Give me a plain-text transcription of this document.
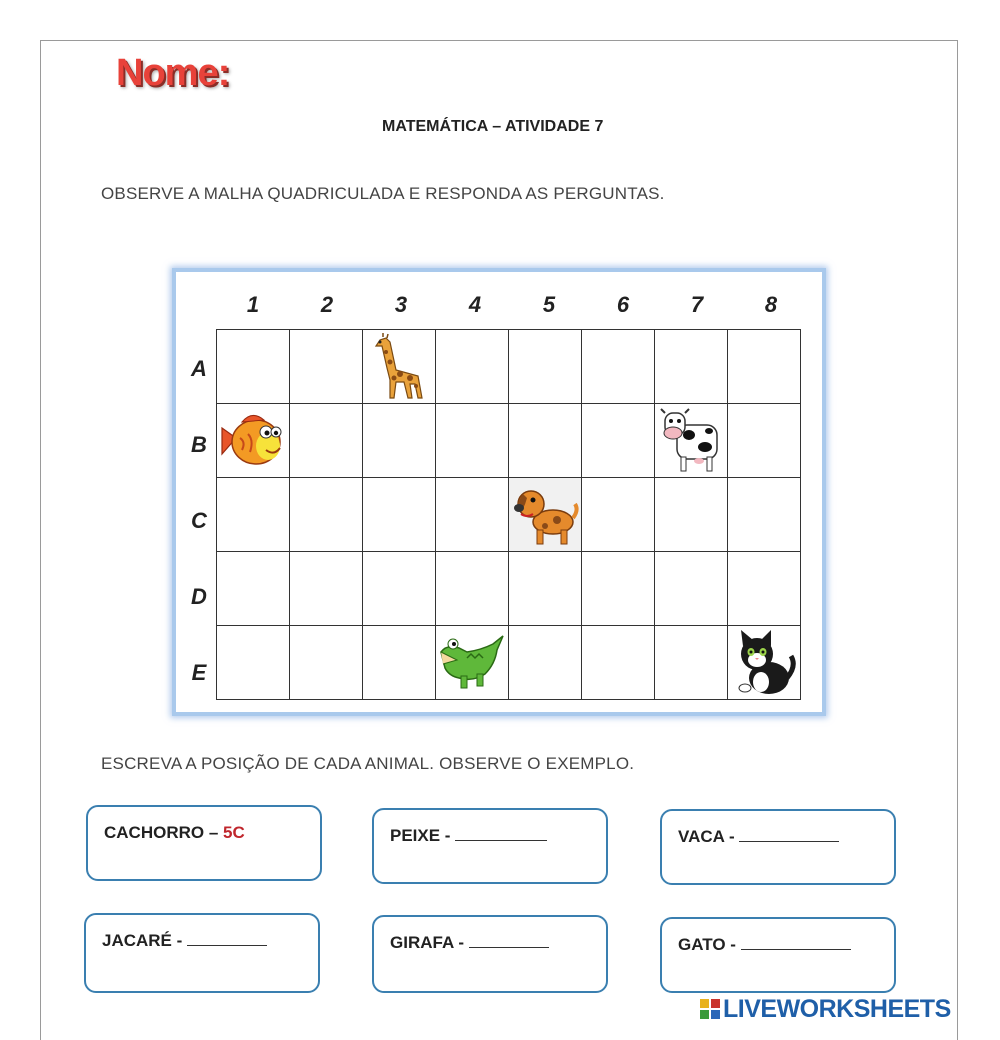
Nome:
MATEMÁTICA – ATIVIDADE 7
OBSERVE A MALHA QUADRICULADA E RESPONDA AS PERGUNTAS.
1	2	3	4	5	6	7	8
A
B
C
D
E

ESCREVA A POSIÇÃO DE CADA ANIMAL. OBSERVE O EXEMPLO.
CACHORRO – 5C	PEIXE -	VACA -
JACARÉ -	GIRAFA -	GATO -
LIVEWORKSHEETS
